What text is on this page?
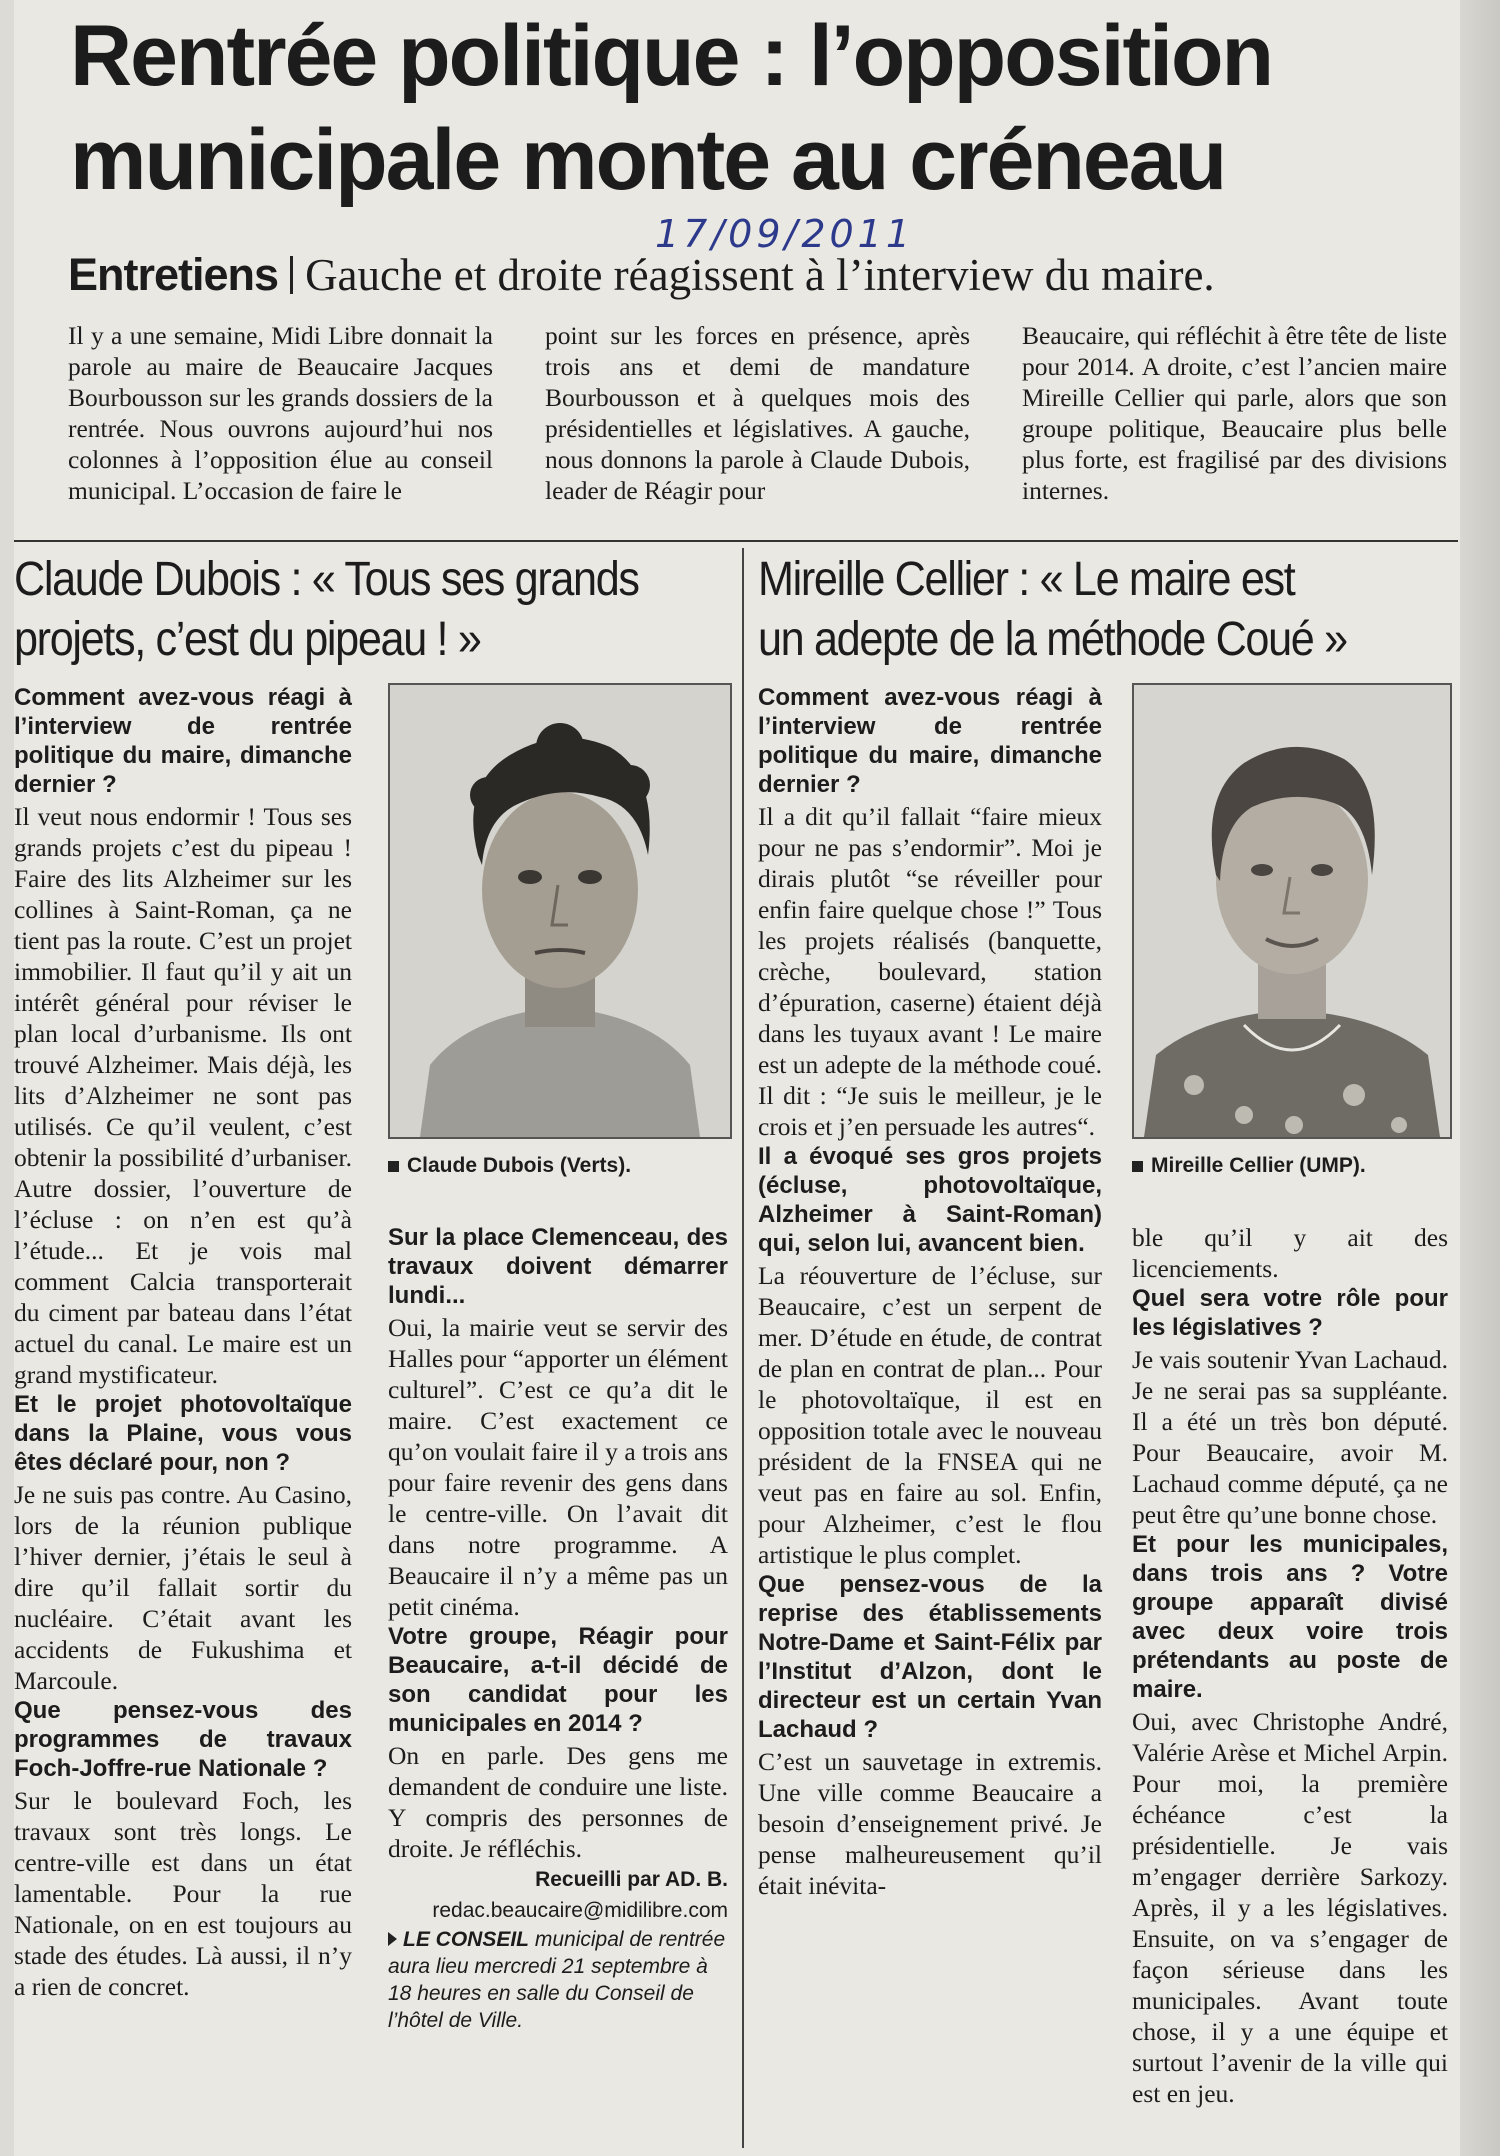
Rentrée politique : l’opposition
municipale monte au créneau
17/09/2011
Entretiens Gauche et droite réagissent à l’interview du maire.

Il y a une semaine, Midi Libre donnait la parole au maire de Beaucaire Jacques Bourbousson sur les grands dossiers de la rentrée. Nous ouvrons aujourd’hui nos colonnes à l’opposition élue au conseil municipal. L’occasion de faire le

point sur les forces en présence, après trois ans et demi de mandature Bourbousson et à quelques mois des présidentielles et législatives. A gauche, nous donnons la parole à Claude Dubois, leader de Réagir pour

Beaucaire, qui réfléchit à être tête de liste pour 2014. A droite, c’est l’ancien maire Mireille Cellier qui parle, alors que son groupe politique, Beaucaire plus belle plus forte, est fragilisé par des divisions internes.

Claude Dubois : « Tous ses grands
projets, c’est du pipeau ! »

Comment avez-vous réagi à l’interview de rentrée politique du maire, dimanche dernier ?

Il veut nous endormir ! Tous ses grands projets c’est du pipeau ! Faire des lits Alzheimer sur les collines à Saint-Roman, ça ne tient pas la route. C’est un projet immobilier. Il faut qu’il y ait un intérêt général pour réviser le plan local d’urbanisme. Ils ont trouvé Alzheimer. Mais déjà, les lits d’Alzheimer ne sont pas utilisés. Ce qu’il veulent, c’est obtenir la possibilité d’urbaniser. Autre dossier, l’ouverture de l’écluse : on n’en est qu’à l’étude... Et je vois mal comment Calcia transporterait du ciment par bateau dans l’état actuel du canal. Le maire est un grand mystificateur.

Et le projet photovoltaïque dans la Plaine, vous vous êtes déclaré pour, non ?

Je ne suis pas contre. Au Casino, lors de la réunion publique l’hiver dernier, j’étais le seul à dire qu’il fallait sortir du nucléaire. C’était avant les accidents de Fukushima et Marcoule.

Que pensez-vous des programmes de travaux Foch-Joffre-rue Nationale ?

Sur le boulevard Foch, les travaux sont très longs. Le centre-ville est dans un état lamentable. Pour la rue Nationale, on en est toujours au stade des études. Là aussi, il n’y a rien de concret.

Claude Dubois (Verts).

Sur la place Clemenceau, des travaux doivent démarrer lundi...

Oui, la mairie veut se servir des Halles pour “apporter un élément culturel”. C’est ce qu’a dit le maire. C’est exactement ce qu’on voulait faire il y a trois ans pour faire revenir des gens dans le centre-ville. On l’avait dit dans notre programme. A Beaucaire il n’y a même pas un petit cinéma.

Votre groupe, Réagir pour Beaucaire, a-t-il décidé de son candidat pour les municipales en 2014 ?

On en parle. Des gens me demandent de conduire une liste. Y compris des personnes de droite. Je réfléchis.

Recueilli par AD. B.

redac.beaucaire@midilibre.com

LE CONSEIL municipal de rentrée aura lieu mercredi 21 septembre à 18 heures en salle du Conseil de l’hôtel de Ville.

Mireille Cellier : « Le maire est
un adepte de la méthode Coué »

Comment avez-vous réagi à l’interview de rentrée politique du maire, dimanche dernier ?

Il a dit qu’il fallait “faire mieux pour ne pas s’endormir”. Moi je dirais plutôt “se réveiller pour enfin faire quelque chose !” Tous les projets réalisés (banquette, crèche, boulevard, station d’épuration, caserne) étaient déjà dans les tuyaux avant ! Le maire est un adepte de la méthode coué. Il dit : “Je suis le meilleur, je le crois et j’en persuade les autres“.

Il a évoqué ses gros projets (écluse, photovoltaïque, Alzheimer à Saint-Roman) qui, selon lui, avancent bien.

La réouverture de l’écluse, sur Beaucaire, c’est un serpent de mer. D’étude en étude, de contrat de plan en contrat de plan... Pour le photovoltaïque, il est en opposition totale avec le nouveau président de la FNSEA qui ne veut pas en faire au sol. Enfin, pour Alzheimer, c’est le flou artistique le plus complet.

Que pensez-vous de la reprise des établissements Notre-Dame et Saint-Félix par l’Institut d’Alzon, dont le directeur est un certain Yvan Lachaud ?

C’est un sauvetage in extremis. Une ville comme Beaucaire a besoin d’enseignement privé. Je pense malheureusement qu’il était inévita-

Mireille Cellier (UMP).

ble qu’il y ait des licenciements.

Quel sera votre rôle pour les législatives ?

Je vais soutenir Yvan Lachaud. Je ne serai pas sa suppléante. Il a été un très bon député. Pour Beaucaire, avoir M. Lachaud comme député, ça ne peut être qu’une bonne chose.

Et pour les municipales, dans trois ans ? Votre groupe apparaît divisé avec deux voire trois prétendants au poste de maire.

Oui, avec Christophe André, Valérie Arèse et Michel Arpin. Pour moi, la première échéance c’est la présidentielle. Je vais m’engager derrière Sarkozy. Après, il y a les législatives. Ensuite, on va s’engager de façon sérieuse dans les municipales. Avant toute chose, il y a une équipe et surtout l’avenir de la ville qui est en jeu.
